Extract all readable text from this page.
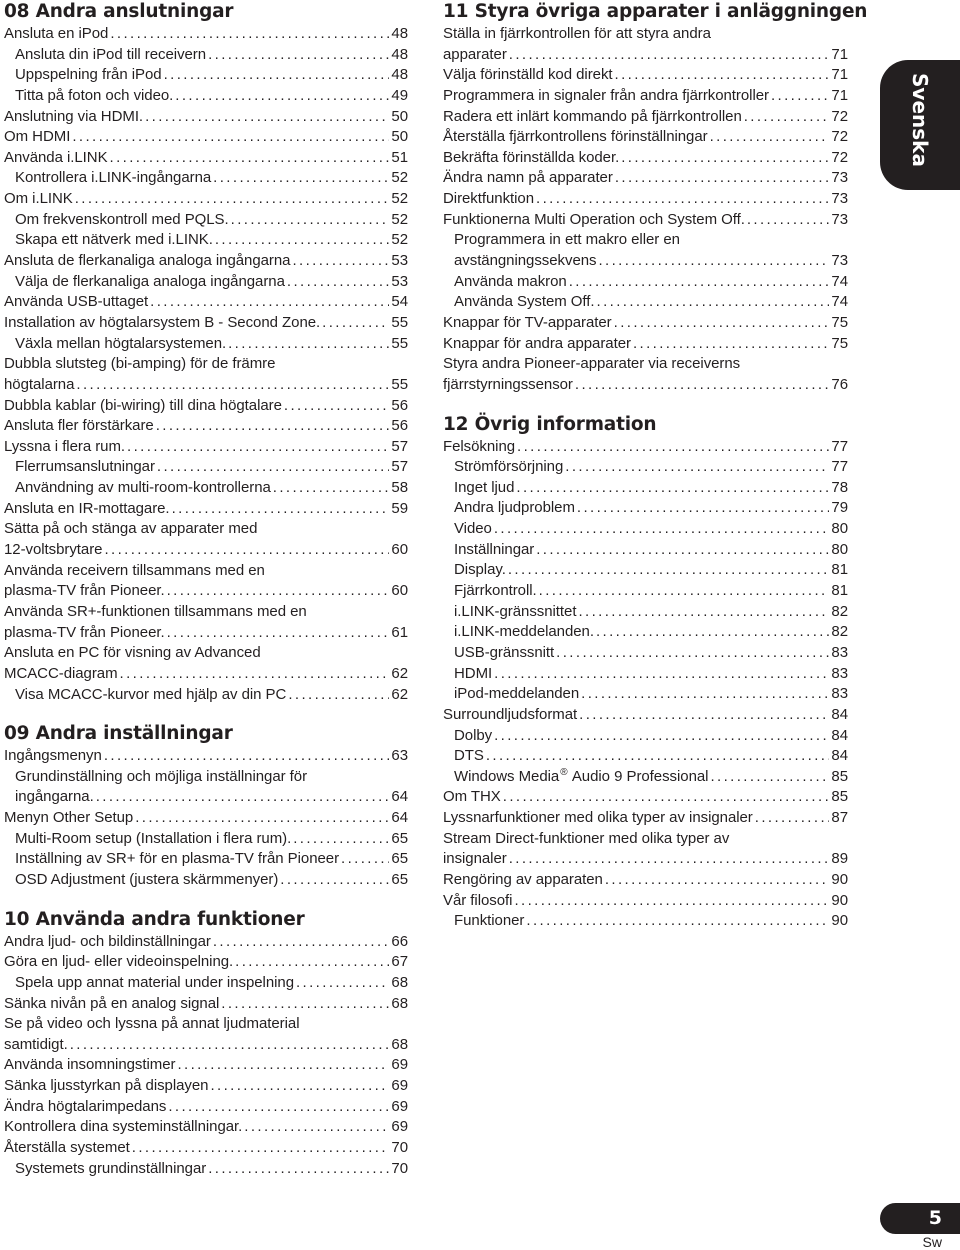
08 Andra anslutningar
Ansluta en iPod .....	48
Ansluta din iPod till receivern .....	48
Uppspelning från iPod .....	48
Titta på foton och video. .....	49
Anslutning via HDMI. .....	50
Om HDMI .....	50
Använda i.LINK .....	51
Kontrollera i.LINK-ingångarna .....	52
Om i.LINK .....	52
Om frekvenskontroll med PQLS. .....	52
Skapa ett nätverk med i.LINK. .....	52
Ansluta de flerkanaliga analoga ingångarna .....	53
Välja de flerkanaliga analoga ingångarna .....	53
Använda USB-uttaget .....	54
Installation av högtalarsystem B - Second Zone. .....	55
Växla mellan högtalarsystemen. .....	55
Dubbla slutsteg (bi-amping) för de främre
högtalarna .....	55
Dubbla kablar (bi-wiring) till dina högtalare .....	56
Ansluta fler förstärkare .....	56
Lyssna i flera rum. .....	57
Flerrumsanslutningar .....	57
Användning av multi-room-kontrollerna .....	58
Ansluta en IR-mottagare. .....	59
Sätta på och stänga av apparater med
12-voltsbrytare .....	60
Använda receivern tillsammans med en
plasma-TV från Pioneer. .....	60
Använda SR+-funktionen tillsammans med en
plasma-TV från Pioneer. .....	61
Ansluta en PC för visning av Advanced
MCACC-diagram .....	62
Visa MCACC-kurvor med hjälp av din PC .....	62
09 Andra inställningar
Ingångsmenyn .....	63
Grundinställning och möjliga inställningar för
ingångarna. .....	64
Menyn Other Setup .....	64
Multi-Room setup (Installation i flera rum). .....	65
Inställning av SR+ för en plasma-TV från Pioneer .....	65
OSD Adjustment (justera skärmmenyer) .....	65
10 Använda andra funktioner
Andra ljud- och bildinställningar .....	66
Göra en ljud- eller videoinspelning. .....	67
Spela upp annat material under inspelning .....	68
Sänka nivån på en analog signal .....	68
Se på video och lyssna på annat ljudmaterial
samtidigt. .....	68
Använda insomningstimer .....	69
Sänka ljusstyrkan på displayen .....	69
Ändra högtalarimpedans .....	69
Kontrollera dina systeminställningar. .....	69
Återställa systemet .....	70
Systemets grundinställningar .....	70
11 Styra övriga apparater i anläggningen
Ställa in fjärrkontrollen för att styra andra
apparater .....	71
Välja förinställd kod direkt .....	71
Programmera in signaler från andra fjärrkontroller .....	71
Radera ett inlärt kommando på fjärrkontrollen .....	72
Återställa fjärrkontrollens förinställningar .....	72
Bekräfta förinställda koder. .....	72
Ändra namn på apparater .....	73
Direktfunktion .....	73
Funktionerna Multi Operation och System Off. .....	73
Programmera in ett makro eller en
avstängningssekvens .....	73
Använda makron .....	74
Använda System Off. .....	74
Knappar för TV-apparater .....	75
Knappar för andra apparater .....	75
Styra andra Pioneer-apparater via receiverns
fjärrstyrningssensor .....	76
12 Övrig information
Felsökning .....	77
Strömförsörjning .....	77
Inget ljud .....	78
Andra ljudproblem .....	79
Video .....	80
Inställningar .....	80
Display. .....	81
Fjärrkontroll. .....	81
i.LINK-gränssnittet .....	82
i.LINK-meddelanden. .....	82
USB-gränssnitt .....	83
HDMI .....	83
iPod-meddelanden .....	83
Surroundljudsformat .....	84
Dolby .....	84
DTS .....	84
Windows Media® Audio 9 Professional .....	85
Om THX .....	85
Lyssnarfunktioner med olika typer av insignaler .....	87
Stream Direct-funktioner med olika typer av
insignaler .....	89
Rengöring av apparaten .....	90
Vår filosofi .....	90
Funktioner .....	90
Svenska
5
Sw
